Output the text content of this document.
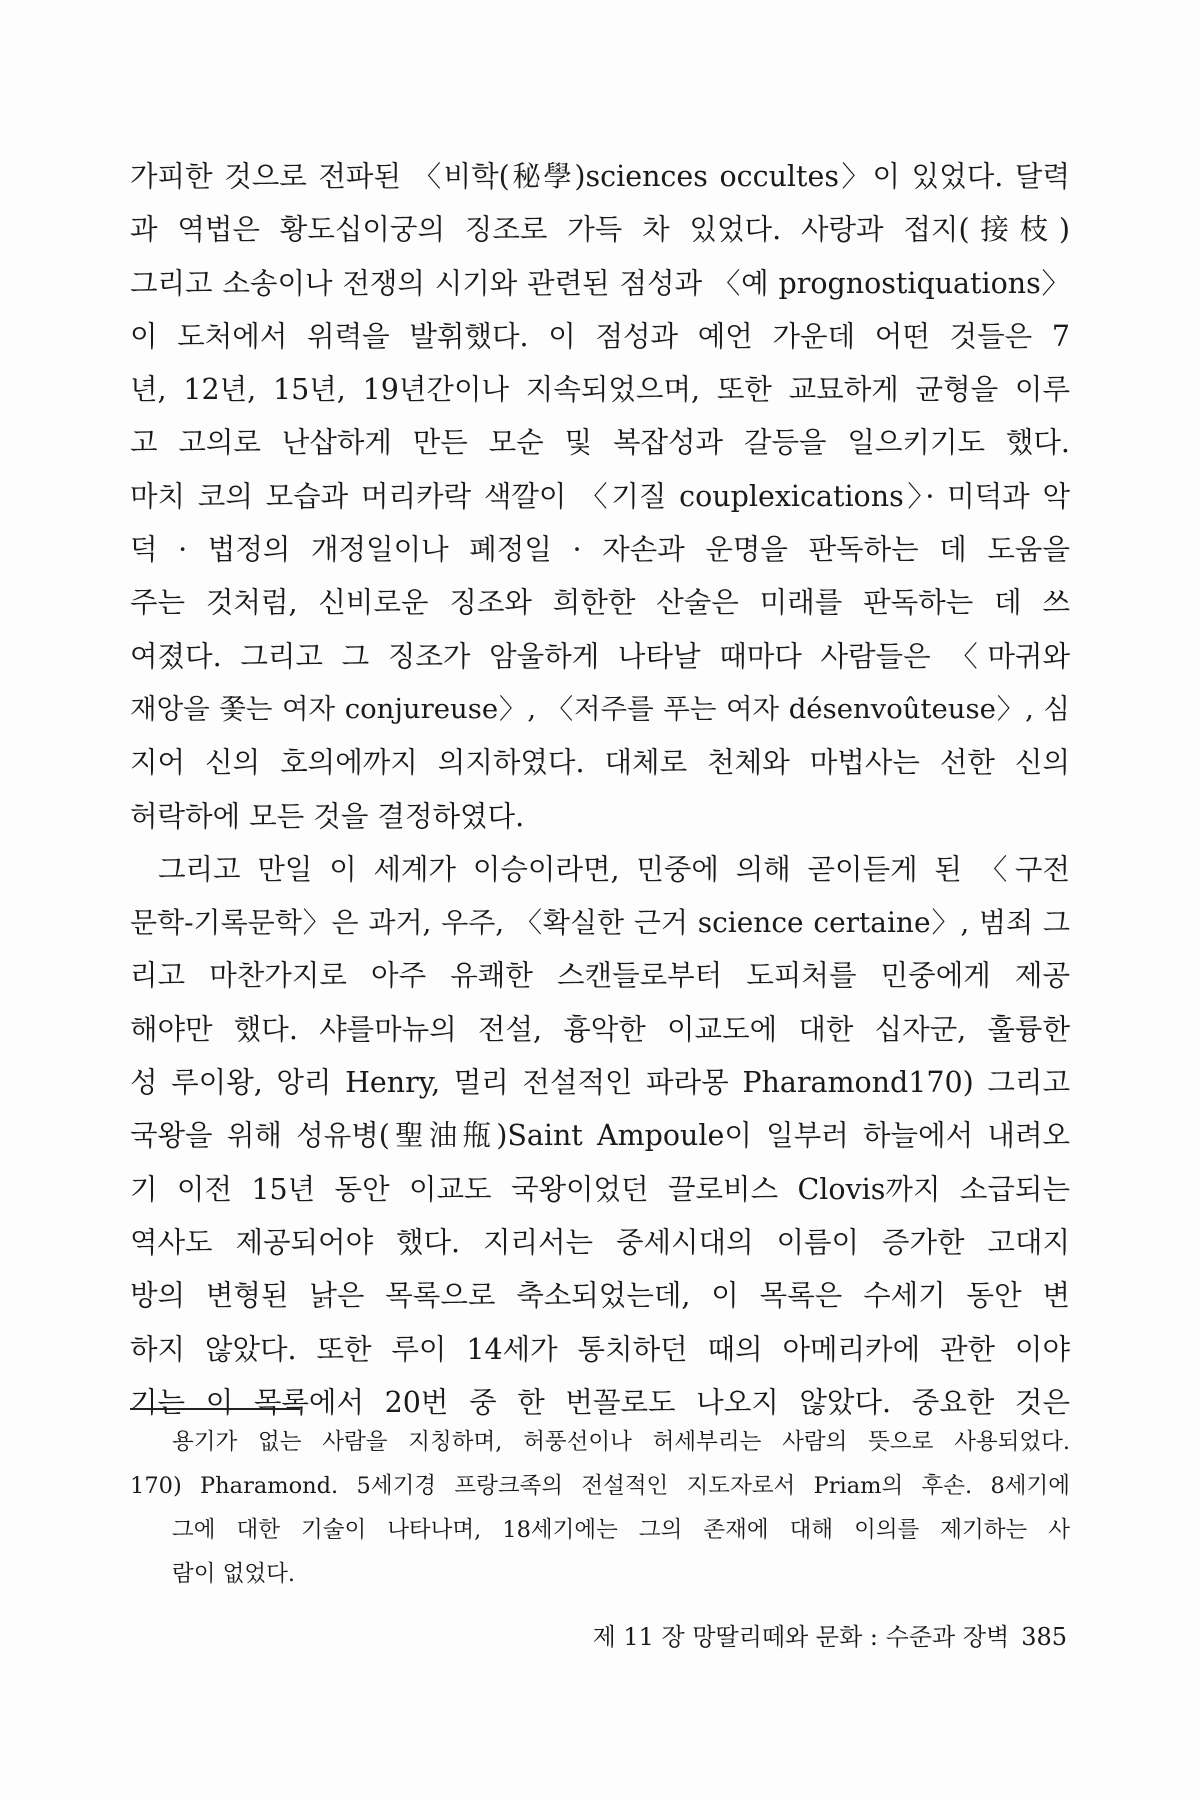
가피한 것으로 전파된 〈비학(秘學)sciences occultes〉이 있었다. 달력
과 역법은 황도십이궁의 징조로 가득 차 있었다. 사랑과 접지(接枝)
그리고 소송이나 전쟁의 시기와 관련된 점성과 〈예 prognostiquations〉
이 도처에서 위력을 발휘했다. 이 점성과 예언 가운데 어떤 것들은 7
년, 12년, 15년, 19년간이나 지속되었으며, 또한 교묘하게 균형을 이루
고 고의로 난삽하게 만든 모순 및 복잡성과 갈등을 일으키기도 했다.
마치 코의 모습과 머리카락 색깔이 〈기질 couplexications〉· 미덕과 악
덕 · 법정의 개정일이나 폐정일 · 자손과 운명을 판독하는 데 도움을
주는 것처럼, 신비로운 징조와 희한한 산술은 미래를 판독하는 데 쓰
여졌다. 그리고 그 징조가 암울하게 나타날 때마다 사람들은 〈마귀와
재앙을 쫓는 여자 conjureuse〉, 〈저주를 푸는 여자 désenvoûteuse〉, 심
지어 신의 호의에까지 의지하였다. 대체로 천체와 마법사는 선한 신의
허락하에 모든 것을 결정하였다.
그리고 만일 이 세계가 이승이라면, 민중에 의해 곧이듣게 된 〈구전
문학-기록문학〉은 과거, 우주, 〈확실한 근거 science certaine〉, 범죄 그
리고 마찬가지로 아주 유쾌한 스캔들로부터 도피처를 민중에게 제공
해야만 했다. 샤를마뉴의 전설, 흉악한 이교도에 대한 십자군, 훌륭한
성 루이왕, 앙리 Henry, 멀리 전설적인 파라몽 Pharamond170) 그리고
국왕을 위해 성유병(聖油甁)Saint Ampoule이 일부러 하늘에서 내려오
기 이전 15년 동안 이교도 국왕이었던 끌로비스 Clovis까지 소급되는
역사도 제공되어야 했다. 지리서는 중세시대의 이름이 증가한 고대지
방의 변형된 낡은 목록으로 축소되었는데, 이 목록은 수세기 동안 변
하지 않았다. 또한 루이 14세가 통치하던 때의 아메리카에 관한 이야
기는 이 목록에서 20번 중 한 번꼴로도 나오지 않았다. 중요한 것은
용기가 없는 사람을 지칭하며, 허풍선이나 허세부리는 사람의 뜻으로 사용되었다.
170) Pharamond. 5세기경 프랑크족의 전설적인 지도자로서 Priam의 후손. 8세기에
그에 대한 기술이 나타나며, 18세기에는 그의 존재에 대해 이의를 제기하는 사
람이 없었다.
제 11 장 망딸리떼와 문화 : 수준과 장벽 385
